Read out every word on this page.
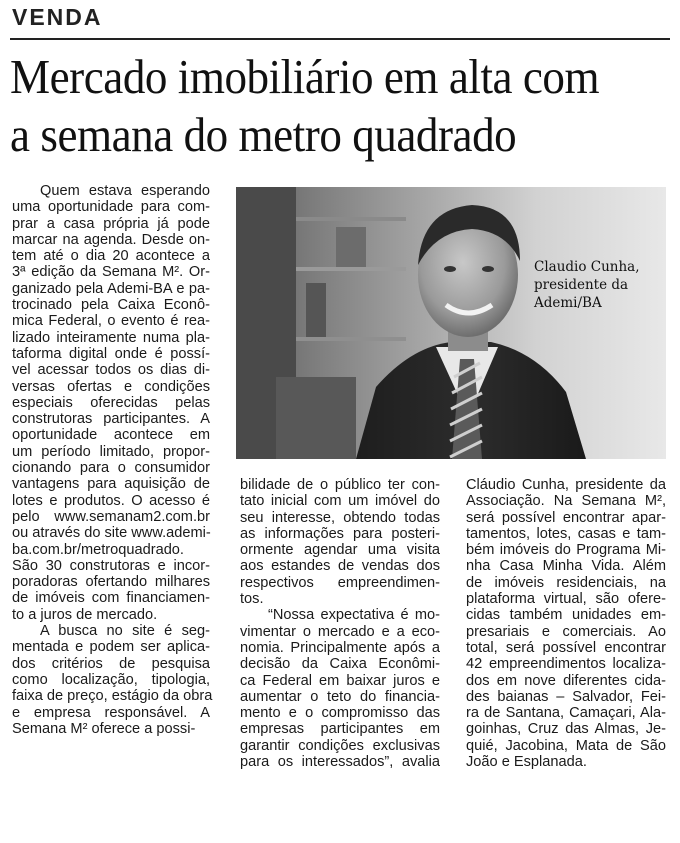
VENDA
Mercado imobiliário em alta com
a semana do metro quadrado
Claudio Cunha,
presidente da
Ademi/BA
Quem estava esperando
uma oportunidade para com-
prar a casa própria já pode
marcar na agenda. Desde on-
tem até o dia 20 acontece a
3ª edição da Semana M². Or-
ganizado pela Ademi-BA e pa-
trocinado pela Caixa Econô-
mica Federal, o evento é rea-
lizado inteiramente numa pla-
taforma digital onde é possí-
vel acessar todos os dias di-
versas ofertas e condições
especiais oferecidas pelas
construtoras participantes. A
oportunidade acontece em
um período limitado, propor-
cionando para o consumidor
vantagens para aquisição de
lotes e produtos. O acesso é
pelo www.semanam2.com.br
ou através do site www.ademi-
ba.com.br/metroquadrado.
São 30 construtoras e incor-
poradoras ofertando milhares
de imóveis com financiamen-
to a juros de mercado.
A busca no site é seg-
mentada e podem ser aplica-
dos critérios de pesquisa
como localização, tipologia,
faixa de preço, estágio da obra
e empresa responsável. A
Semana M² oferece a possi-
bilidade de o público ter con-
tato inicial com um imóvel do
seu interesse, obtendo todas
as informações para posteri-
ormente agendar uma visita
aos estandes de vendas dos
respectivos empreendimen-
tos.
“Nossa expectativa é mo-
vimentar o mercado e a eco-
nomia. Principalmente após a
decisão da Caixa Econômi-
ca Federal em baixar juros e
aumentar o teto do financia-
mento e o compromisso das
empresas participantes em
garantir condições exclusivas
para os interessados”, avalia
Cláudio Cunha, presidente da
Associação. Na Semana M²,
será possível encontrar apar-
tamentos, lotes, casas e tam-
bém imóveis do Programa Mi-
nha Casa Minha Vida. Além
de imóveis residenciais, na
plataforma virtual, são ofere-
cidas também unidades em-
presariais e comerciais. Ao
total, será possível encontrar
42 empreendimentos localiza-
dos em nove diferentes cida-
des baianas – Salvador, Fei-
ra de Santana, Camaçari, Ala-
goinhas, Cruz das Almas, Je-
quié, Jacobina, Mata de São
João e Esplanada.
